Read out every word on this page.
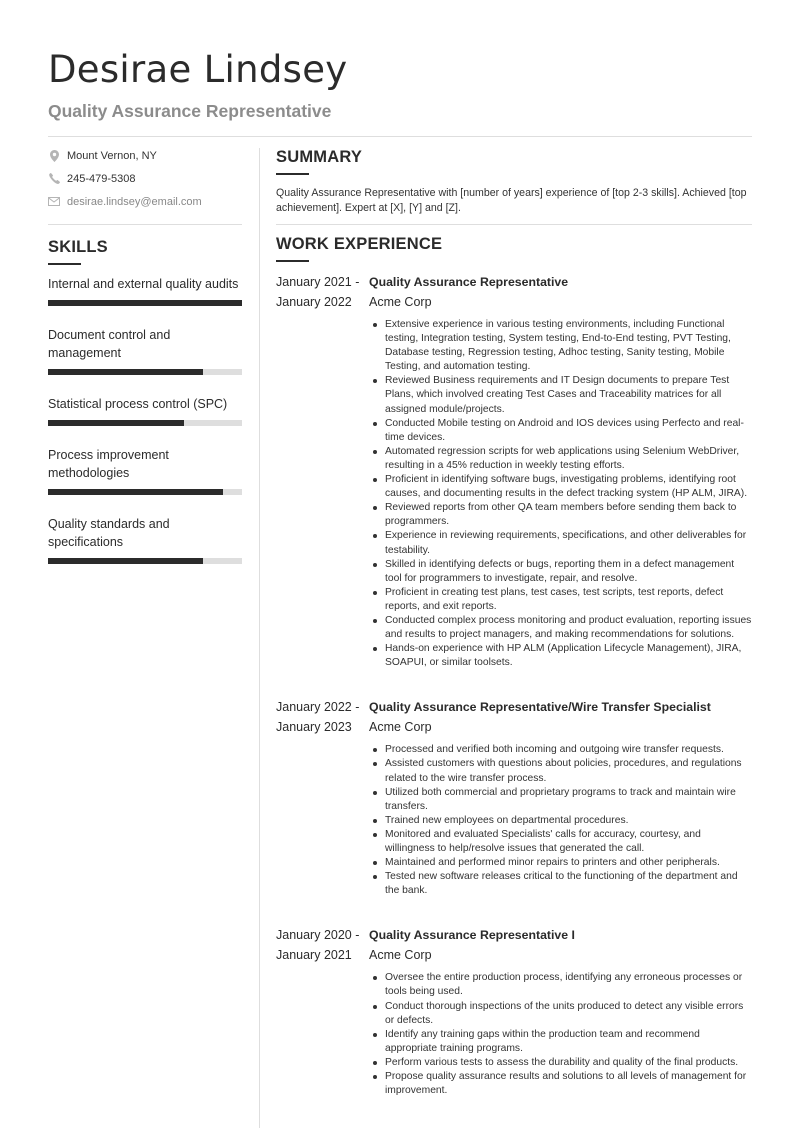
Desirae Lindsey
Quality Assurance Representative
Mount Vernon, NY
245-479-5308
desirae.lindsey@email.com
SKILLS
Internal and external quality audits
Document control and management
Statistical process control (SPC)
Process improvement methodologies
Quality standards and specifications
SUMMARY
Quality Assurance Representative with [number of years] experience of [top 2-3 skills]. Achieved [top achievement]. Expert at [X], [Y] and [Z].
WORK EXPERIENCE
January 2021 - January 2022
Quality Assurance Representative
Acme Corp
Extensive experience in various testing environments, including Functional testing, Integration testing, System testing, End-to-End testing, PVT Testing, Database testing, Regression testing, Adhoc testing, Sanity testing, Mobile Testing, and automation testing.
Reviewed Business requirements and IT Design documents to prepare Test Plans, which involved creating Test Cases and Traceability matrices for all assigned module/projects.
Conducted Mobile testing on Android and IOS devices using Perfecto and real-time devices.
Automated regression scripts for web applications using Selenium WebDriver, resulting in a 45% reduction in weekly testing efforts.
Proficient in identifying software bugs, investigating problems, identifying root causes, and documenting results in the defect tracking system (HP ALM, JIRA).
Reviewed reports from other QA team members before sending them back to programmers.
Experience in reviewing requirements, specifications, and other deliverables for testability.
Skilled in identifying defects or bugs, reporting them in a defect management tool for programmers to investigate, repair, and resolve.
Proficient in creating test plans, test cases, test scripts, test reports, defect reports, and exit reports.
Conducted complex process monitoring and product evaluation, reporting issues and results to project managers, and making recommendations for solutions.
Hands-on experience with HP ALM (Application Lifecycle Management), JIRA, SOAPUI, or similar toolsets.
January 2022 - January 2023
Quality Assurance Representative/Wire Transfer Specialist
Acme Corp
Processed and verified both incoming and outgoing wire transfer requests.
Assisted customers with questions about policies, procedures, and regulations related to the wire transfer process.
Utilized both commercial and proprietary programs to track and maintain wire transfers.
Trained new employees on departmental procedures.
Monitored and evaluated Specialists' calls for accuracy, courtesy, and willingness to help/resolve issues that generated the call.
Maintained and performed minor repairs to printers and other peripherals.
Tested new software releases critical to the functioning of the department and the bank.
January 2020 - January 2021
Quality Assurance Representative I
Acme Corp
Oversee the entire production process, identifying any erroneous processes or tools being used.
Conduct thorough inspections of the units produced to detect any visible errors or defects.
Identify any training gaps within the production team and recommend appropriate training programs.
Perform various tests to assess the durability and quality of the final products.
Propose quality assurance results and solutions to all levels of management for improvement.
